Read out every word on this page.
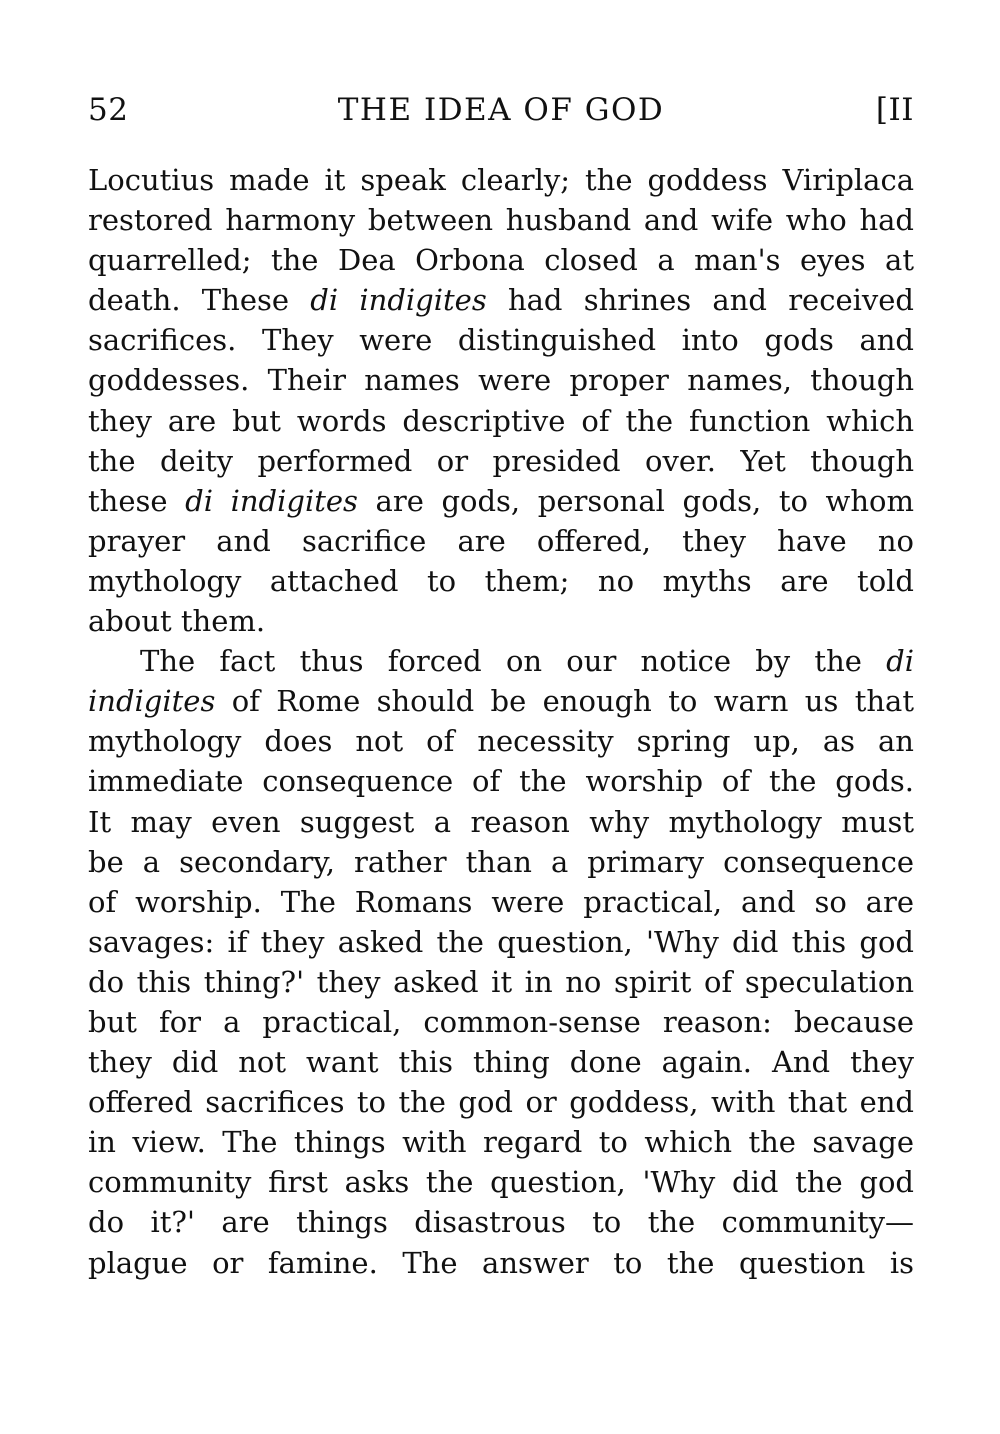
52	THE IDEA OF GOD	[II
Locutius made it speak clearly; the goddess Viriplaca
restored harmony between husband and wife who had
quarrelled; the Dea Orbona closed a man's eyes at
death. These di indigites had shrines and received
sacrifices. They were distinguished into gods and
goddesses. Their names were proper names, though
they are but words descriptive of the function which
the deity performed or presided over. Yet though
these di indigites are gods, personal gods, to whom
prayer and sacrifice are offered, they have no
mythology attached to them; no myths are told
about them.
The fact thus forced on our notice by the di
indigites of Rome should be enough to warn us that
mythology does not of necessity spring up, as an
immediate consequence of the worship of the gods.
It may even suggest a reason why mythology must
be a secondary, rather than a primary consequence
of worship. The Romans were practical, and so are
savages: if they asked the question, 'Why did this god
do this thing?' they asked it in no spirit of speculation
but for a practical, common-sense reason: because
they did not want this thing done again. And they
offered sacrifices to the god or goddess, with that end
in view. The things with regard to which the savage
community first asks the question, 'Why did the god
do it?' are things disastrous to the community—
plague or famine. The answer to the question is
